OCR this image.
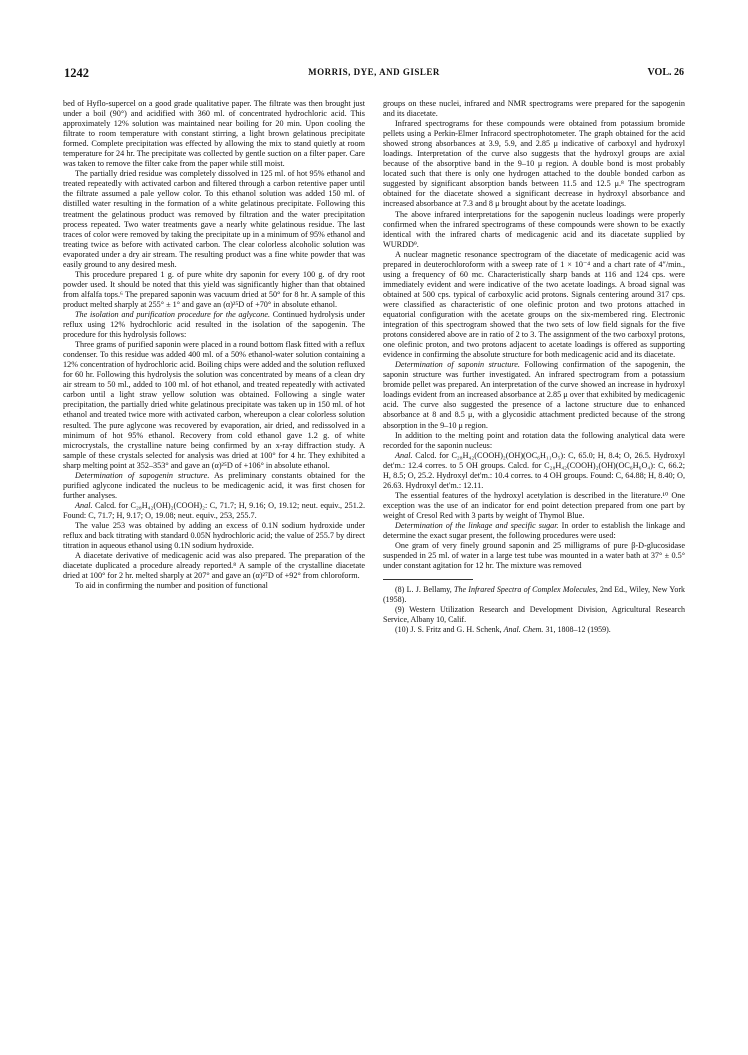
1242	MORRIS, DYE, AND GISLER	VOL. 26

bed of Hyflo-supercel on a good grade qualitative paper. The filtrate was then brought just under a boil (90°) and acidified with 360 ml. of concentrated hydrochloric acid. This approximately 12% solution was maintained near boiling for 20 min. Upon cooling the filtrate to room temperature with constant stirring, a light brown gelatinous precipitate formed. Complete precipitation was effected by allowing the mix to stand quietly at room temperature for 24 hr. The precipitate was collected by gentle suction on a filter paper. Care was taken to remove the filter cake from the paper while still moist.

The partially dried residue was completely dissolved in 125 ml. of hot 95% ethanol and treated repeatedly with activated carbon and filtered through a carbon retentive paper until the filtrate assumed a pale yellow color. To this ethanol solution was added 150 ml. of distilled water resulting in the formation of a white gelatinous precipitate. Following this treatment the gelatinous product was removed by filtration and the water precipitation process repeated. Two water treatments gave a nearly white gelatinous residue. The last traces of color were removed by taking the precipitate up in a minimum of 95% ethanol and treating twice as before with activated carbon. The clear colorless alcoholic solution was evaporated under a dry air stream. The resulting product was a fine white powder that was easily ground to any desired mesh.

This procedure prepared 1 g. of pure white dry saponin for every 100 g. of dry root powder used. It should be noted that this yield was significantly higher than that obtained from alfalfa tops.⁶ The prepared saponin was vacuum dried at 50° for 8 hr. A sample of this product melted sharply at 255° ± 1° and gave an (α)²⁵D of +70° in absolute ethanol.

The isolation and purification procedure for the aglycone. Continued hydrolysis under reflux using 12% hydrochloric acid resulted in the isolation of the sapogenin. The procedure for this hydrolysis follows:

Three grams of purified saponin were placed in a round bottom flask fitted with a reflux condenser. To this residue was added 400 ml. of a 50% ethanol-water solution containing a 12% concentration of hydrochloric acid. Boiling chips were added and the solution refluxed for 60 hr. Following this hydrolysis the solution was concentrated by means of a clean dry air stream to 50 ml., added to 100 ml. of hot ethanol, and treated repeatedly with activated carbon until a light straw yellow solution was obtained. Following a single water precipitation, the partially dried white gelatinous precipitate was taken up in 150 ml. of hot ethanol and treated twice more with activated carbon, whereupon a clear colorless solution resulted. The pure aglycone was recovered by evaporation, air dried, and redissolved in a minimum of hot 95% ethanol. Recovery from cold ethanol gave 1.2 g. of white microcrystals, the crystalline nature being confirmed by an x-ray diffraction study. A sample of these crystals selected for analysis was dried at 100° for 4 hr. They exhibited a sharp melting point at 352–353° and gave an (α)²⁵D of +106° in absolute ethanol.

Determination of sapogenin structure. As preliminary constants obtained for the purified aglycone indicated the nucleus to be medicagenic acid, it was first chosen for further analyses.

Anal. Calcd. for C₂₈H₄₂(OH)₂(COOH)₂: C, 71.7; H, 9.16; O, 19.12; neut. equiv., 251.2. Found: C, 71.7; H, 9.17; O, 19.08; neut. equiv., 253, 255.7.

The value 253 was obtained by adding an excess of 0.1N sodium hydroxide under reflux and back titrating with standard 0.05N hydrochloric acid; the value of 255.7 by direct titration in aqueous ethanol using 0.1N sodium hydroxide.

A diacetate derivative of medicagenic acid was also prepared. The preparation of the diacetate duplicated a procedure already reported.⁸ A sample of the crystalline diacetate dried at 100° for 2 hr. melted sharply at 207° and gave an (α)²⁷D of +92° from chloroform.

To aid in confirming the number and position of functional

groups on these nuclei, infrared and NMR spectrograms were prepared for the sapogenin and its diacetate.

Infrared spectrograms for these compounds were obtained from potassium bromide pellets using a Perkin-Elmer Infracord spectrophotometer. The graph obtained for the acid showed strong absorbances at 3.9, 5.9, and 2.85 μ indicative of carboxyl and hydroxyl loadings. Interpretation of the curve also suggests that the hydroxyl groups are axial because of the absorptive band in the 9–10 μ region. A double bond is most probably located such that there is only one hydrogen attached to the double bonded carbon as suggested by significant absorption bands between 11.5 and 12.5 μ.⁸ The spectrogram obtained for the diacetate showed a significant decrease in hydroxyl absorbance and increased absorbance at 7.3 and 8 μ brought about by the acetate loadings.

The above infrared interpretations for the sapogenin nucleus loadings were properly confirmed when the infrared spectrograms of these compounds were shown to be exactly identical with the infrared charts of medicagenic acid and its diacetate supplied by WURDD⁹.

A nuclear magnetic resonance spectrogram of the diacetate of medicagenic acid was prepared in deuterochloroform with a sweep rate of 1 × 10⁻⁴ and a chart rate of 4″/min., using a frequency of 60 mc. Characteristically sharp bands at 116 and 124 cps. were immediately evident and were indicative of the two acetate loadings. A broad signal was obtained at 500 cps. typical of carboxylic acid protons. Signals centering around 317 cps. were classified as characteristic of one olefinic proton and two protons attached in equatorial configuration with the acetate groups on the six-membered ring. Electronic integration of this spectrogram showed that the two sets of low field signals for the five protons considered above are in ratio of 2 to 3. The assignment of the two carboxyl protons, one olefinic proton, and two protons adjacent to acetate loadings is offered as supporting evidence in confirming the absolute structure for both medicagenic acid and its diacetate.

Determination of saponin structure. Following confirmation of the sapogenin, the saponin structure was further investigated. An infrared spectrogram from a potassium bromide pellet was prepared. An interpretation of the curve showed an increase in hydroxyl loadings evident from an increased absorbance at 2.85 μ over that exhibited by medicagenic acid. The curve also suggested the presence of a lactone structure due to enhanced absorbance at 8 and 8.5 μ, with a glycosidic attachment predicted because of the strong absorption in the 9–10 μ region.

In addition to the melting point and rotation data the following analytical data were recorded for the saponin nucleus:

Anal. Calcd. for C₂₈H₄₂(COOH)₂(OH)(OC₆H₁₁O₅): C, 65.0; H, 8.4; O, 26.5. Hydroxyl det'm.: 12.4 corres. to 5 OH groups. Calcd. for C₂₈H₄₂(COOH)₂(OH)(OC₆H₆O₄): C, 66.2; H, 8.5; O, 25.2. Hydroxyl det'm.: 10.4 corres. to 4 OH groups. Found: C, 64.88; H, 8.40; O, 26.63. Hydroxyl det'm.: 12.11.

The essential features of the hydroxyl acetylation is described in the literature.¹⁰ One exception was the use of an indicator for end point detection prepared from one part by weight of Cresol Red with 3 parts by weight of Thymol Blue.

Determination of the linkage and specific sugar. In order to establish the linkage and determine the exact sugar present, the following procedures were used:

One gram of very finely ground saponin and 25 milligrams of pure β-D-glucosidase suspended in 25 ml. of water in a large test tube was mounted in a water bath at 37° ± 0.5° under constant agitation for 12 hr. The mixture was removed

(8) L. J. Bellamy, The Infrared Spectra of Complex Molecules, 2nd Ed., Wiley, New York (1958).

(9) Western Utilization Research and Development Division, Agricultural Research Service, Albany 10, Calif.

(10) J. S. Fritz and G. H. Schenk, Anal. Chem. 31, 1808–12 (1959).
